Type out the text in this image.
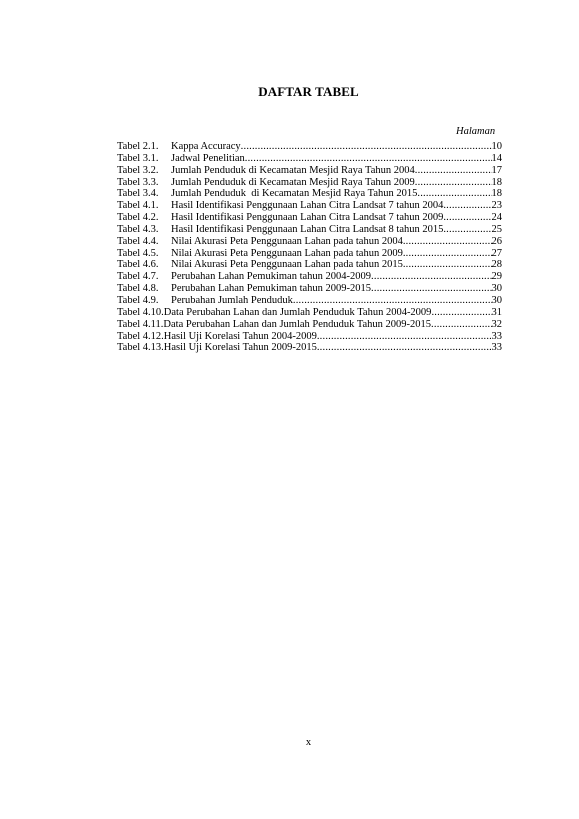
DAFTAR TABEL
Halaman
Tabel 2.1.	Kappa Accuracy .....	10
Tabel 3.1.	Jadwal Penelitian .....	14
Tabel 3.2.	Jumlah Penduduk di Kecamatan Mesjid Raya Tahun 2004 .....	17
Tabel 3.3.	Jumlah Penduduk di Kecamatan Mesjid Raya Tahun 2009 .....	18
Tabel 3.4.	Jumlah Penduduk  di Kecamatan Mesjid Raya Tahun 2015 .....	18
Tabel 4.1.	Hasil Identifikasi Penggunaan Lahan Citra Landsat 7 tahun 2004 .....	23
Tabel 4.2.	Hasil Identifikasi Penggunaan Lahan Citra Landsat 7 tahun 2009 .....	24
Tabel 4.3.	Hasil Identifikasi Penggunaan Lahan Citra Landsat 8 tahun 2015 .....	25
Tabel 4.4.	Nilai Akurasi Peta Penggunaan Lahan pada tahun 2004 .....	26
Tabel 4.5.	Nilai Akurasi Peta Penggunaan Lahan pada tahun 2009 .....	27
Tabel 4.6.	Nilai Akurasi Peta Penggunaan Lahan pada tahun 2015 .....	28
Tabel 4.7.	Perubahan Lahan Pemukiman tahun 2004-2009 .....	29
Tabel 4.8.	Perubahan Lahan Pemukiman tahun 2009-2015 .....	30
Tabel 4.9.	Perubahan Jumlah Penduduk .....	30
Tabel 4.10. Data Perubahan Lahan dan Jumlah Penduduk Tahun 2004-2009 .....	31
Tabel 4.11. Data Perubahan Lahan dan Jumlah Penduduk Tahun 2009-2015 .....	32
Tabel 4.12. Hasil Uji Korelasi Tahun 2004-2009 .....	33
Tabel 4.13. Hasil Uji Korelasi Tahun 2009-2015 .....	33
x
